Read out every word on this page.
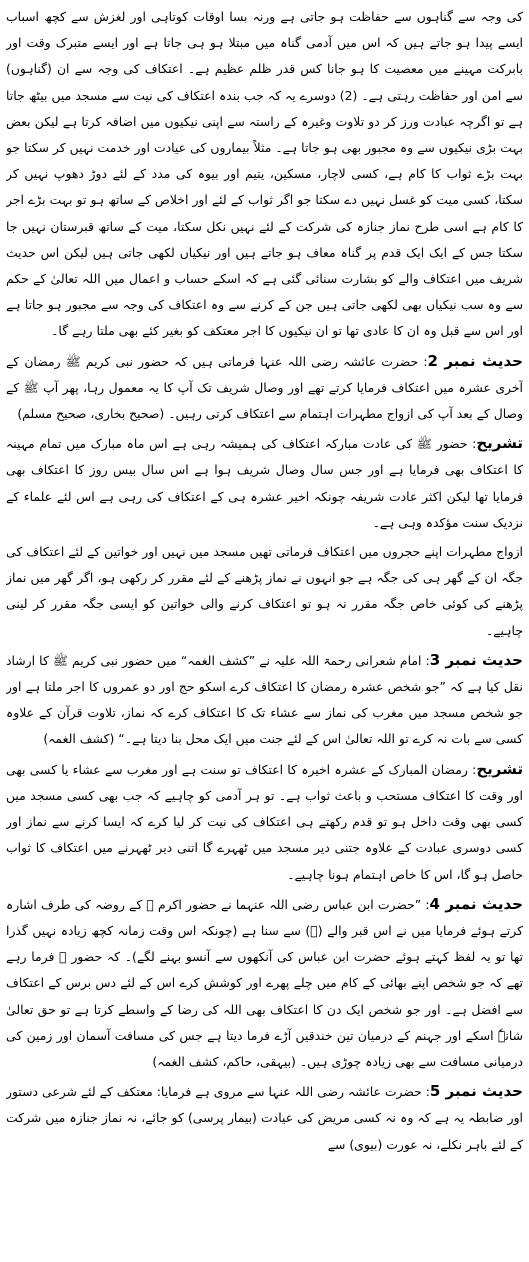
کی وجہ سے گناہوں سے حفاظت ہو جاتی ہے ورنہ بسا اوقات کوتاہی اور لغزش سے کچھ اسباب ایسے پیدا ہو جاتے ہیں کہ اس میں آدمی گناہ میں مبتلا ہو ہی جاتا ہے اور ایسے متبرک وقت اور بابرکت مہینے میں معصیت کا ہو جانا کس قدر ظلم عظیم ہے۔ اعتکاف کی وجہ سے ان (گناہوں) سے امن اور حفاظت رہتی ہے۔ (2) دوسرے یہ کہ جب بندہ اعتکاف کی نیت سے مسجد میں بیٹھ جاتا ہے تو اگرچہ عبادت ورز کر دو تلاوت وغیرہ کے راستہ سے اپنی نیکیوں میں اضافہ کرتا ہے لیکن بعض بہت بڑی نیکیوں سے وہ مجبور بھی ہو جاتا ہے۔ مثلاً بیماروں کی عیادت اور خدمت نہیں کر سکتا جو بہت بڑے ثواب کا کام ہے، کسی لاچار، مسکین، یتیم اور بیوہ کی مدد کے لئے دوڑ دھوپ نہیں کر سکتا، کسی میت کو غسل نہیں دے سکتا جو اگر ثواب کے لئے اور اخلاص کے ساتھ ہو تو بہت بڑے اجر کا کام ہے اسی طرح نماز جنازہ کی شرکت کے لئے نہیں نکل سکتا، میت کے ساتھ قبرستان نہیں جا سکتا جس کے ایک ایک قدم پر گناہ معاف ہو جاتے ہیں اور نیکیاں لکھی جاتی ہیں لیکن اس حدیث شریف میں اعتکاف والے کو بشارت سنائی گئی ہے کہ اسکے حساب و اعمال میں اللہ تعالیٰ کے حکم سے وہ سب نیکیاں بھی لکھی جاتی ہیں جن کے کرنے سے وہ اعتکاف کی وجہ سے مجبور ہو جاتا ہے اور اس سے قبل وہ ان کا عادی تھا تو ان نیکیوں کا اجر معتکف کو بغیر کئے بھی ملتا رہے گا۔

حدیث نمبر 2: حضرت عائشہ رضی اللہ عنہا فرماتی ہیں کہ حضور نبی کریم ﷺ رمضان کے آخری عشرہ میں اعتکاف فرمایا کرتے تھے اور وصال شریف تک آپ کا یہ معمول رہا، پھر آپ ﷺ کے وصال کے بعد آپ کی ازواج مطہرات اہتمام سے اعتکاف کرتی رہیں۔ (صحیح بخاری، صحیح مسلم)

تشریح: حضور ﷺ کی عادت مبارکہ اعتکاف کی ہمیشہ رہی ہے اس ماہ مبارک میں تمام مہینہ کا اعتکاف بھی فرمایا ہے اور جس سال وصال شریف ہوا ہے اس سال بیس روز کا اعتکاف بھی فرمایا تھا لیکن اکثر عادت شریفہ چونکہ اخیر عشرہ ہی کے اعتکاف کی رہی ہے اس لئے علماء کے نزدیک سنت مؤکدہ وہی ہے۔

ازواج مطہرات اپنے حجروں میں اعتکاف فرماتی تھیں مسجد میں نہیں اور خواتین کے لئے اعتکاف کی جگہ ان کے گھر ہی کی جگہ ہے جو انہوں نے نماز پڑھنے کے لئے مقرر کر رکھی ہو، اگر گھر میں نماز پڑھنے کی کوئی خاص جگہ مقرر نہ ہو تو اعتکاف کرنے والی خواتین کو ایسی جگہ مقرر کر لینی چاہیے۔

حدیث نمبر 3: امام شعرانی رحمۃ اللہ علیہ نے ”کشف الغمہ“ میں حضور نبی کریم ﷺ کا ارشاد نقل کیا ہے کہ ”جو شخص عشرہ رمضان کا اعتکاف کرے اسکو حج اور دو عمروں کا اجر ملتا ہے اور جو شخص مسجد میں مغرب کی نماز سے عشاء تک کا اعتکاف کرے کہ نماز، تلاوت قرآن کے علاوہ کسی سے بات نہ کرے تو اللہ تعالیٰ اس کے لئے جنت میں ایک محل بنا دیتا ہے۔“ (کشف الغمہ)

تشریح: رمضان المبارک کے عشرہ اخیرہ کا اعتکاف تو سنت ہے اور مغرب سے عشاء یا کسی بھی اور وقت کا اعتکاف مستحب و باعث ثواب ہے۔ تو ہر آدمی کو چاہیے کہ جب بھی کسی مسجد میں کسی بھی وقت داخل ہو تو قدم رکھتے ہی اعتکاف کی نیت کر لیا کرے کہ ایسا کرنے سے نماز اور کسی دوسری عبادت کے علاوہ جتنی دیر مسجد میں ٹھہرے گا اتنی دیر ٹھہرنے میں اعتکاف کا ثواب حاصل ہو گا، اس کا خاص اہتمام ہونا چاہیے۔

حدیث نمبر 4: ”حضرت ابن عباس رضی اللہ عنہما نے حضور اکرم ﷺ کے روضہ کی طرف اشارہ کرتے ہوئے فرمایا میں نے اس قبر والے (ﷺ) سے سنا ہے (چونکہ اس وقت زمانہ کچھ زیادہ نہیں گذرا تھا تو یہ لفظ کہتے ہوئے حضرت ابن عباس کی آنکھوں سے آنسو بہنے لگے)۔ کہ حضور ﷺ فرما رہے تھے کہ جو شخص اپنے بھائی کے کام میں چلے پھرے اور کوشش کرے اس کے لئے دس برس کے اعتکاف سے افضل ہے۔ اور جو شخص ایک دن کا اعتکاف بھی اللہ کی رضا کے واسطے کرتا ہے تو حق تعالیٰ شانہٗ اسکے اور جہنم کے درمیان تین خندقیں آڑے فرما دیتا ہے جس کی مسافت آسمان اور زمین کی درمیانی مسافت سے بھی زیادہ چوڑی ہیں۔ (بیہقی، حاکم، کشف الغمہ)

حدیث نمبر 5: حضرت عائشہ رضی اللہ عنہا سے مروی ہے فرمایا: معتکف کے لئے شرعی دستور اور ضابطہ یہ ہے کہ وہ نہ کسی مریض کی عیادت (بیمار پرسی) کو جائے، نہ نماز جنازہ میں شرکت کے لئے باہر نکلے، نہ عورت (بیوی) سے
